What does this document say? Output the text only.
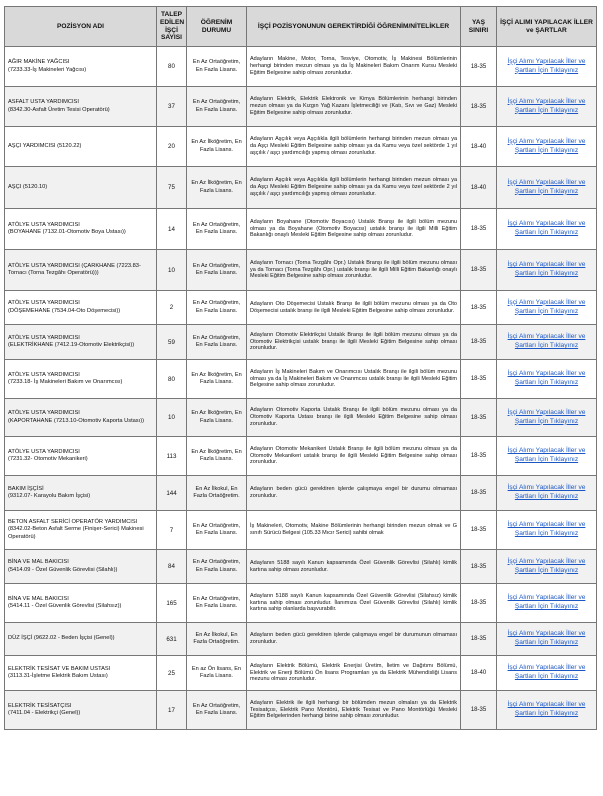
POZİSYON ADI	TALEP EDİLEN İŞÇİ SAYISI	ÖĞRENİM DURUMU	İŞÇİ POZİSYONUNUN GEREKTİRDİĞİ ÖĞRENİM/NİTELİKLER	YAŞ SINIRI	İŞÇİ ALIMI YAPILACAK İLLER ve ŞARTLAR

AĞIR MAKİNE YAĞCISI
(7233.33-İş Makineleri Yağcısı)	80	En Az Ortaöğretim, En Fazla Lisans.	Adayların Makine, Motor, Torna, Tesviye, Otomotiv, İş Makinesi Bölümlerinin herhangi birinden mezun olması ya da İş Makineleri Bakım Onarım Kursu Mesleki Eğitim Belgesine sahip olması zorunludur.	18-35	İşçi Alımı Yapılacak İller ve Şartları İçin Tıklayınız

ASFALT USTA YARDIMCISI
(8342.30-Asfalt Üretim Tesisi Operatörü)	37	En Az Ortaöğretim, En Fazla Lisans.	Adayların Elektrik, Elektrik Elektronik ve Kimya Bölümlerinin herhangi birinden mezun olması ya da Kızgın Yağ Kazanı İşletmeciliği ve (Katı, Sıvı ve Gaz) Mesleki Eğitim Belgesine sahip olması zorunludur.	18-35	İşçi Alımı Yapılacak İller ve Şartları İçin Tıklayınız

AŞÇI YARDIMCISI (5120.22)	20	En Az İlköğretim, En Fazla Lisans.	Adayların Aşçılık veya Aşçılıkla ilgili bölümlerin herhangi birinden mezun olması ya da Aşçı Mesleki Eğitim Belgesine sahip olması ya da Kamu veya özel sektörde 1 yıl aşçılık / aşçı yardımcılığı yapmış olması zorunludur.	18-40	İşçi Alımı Yapılacak İller ve Şartları İçin Tıklayınız

AŞÇI (5120.10)	75	En Az İlköğretim, En Fazla Lisans.	Adayların Aşçılık veya Aşçılıkla ilgili bölümlerin herhangi birinden mezun olması ya da Aşçı Mesleki Eğitim Belgesine sahip olması ya da Kamu veya özel sektörde 2 yıl aşçılık / aşçı yardımcılığı yapmış olması zorunludur.	18-40	İşçi Alımı Yapılacak İller ve Şartları İçin Tıklayınız

ATÖLYE USTA YARDIMCISI
(BOYAHANE (7132.01-Otomotiv Boya Ustası))	14	En Az Ortaöğretim, En Fazla Lisans.	Adayların Boyahane (Otomotiv Boyacısı) Ustalık Branşı ile ilgili bölüm mezunu olması ya da Boyahane (Otomotiv Boyacısı) ustalık branşı ile ilgili Milli Eğitim Bakanlığı onaylı Mesleki Eğitim Belgesine sahip olması zorunludur.	18-35	İşçi Alımı Yapılacak İller ve Şartları İçin Tıklayınız

ATÖLYE USTA YARDIMCISI (ÇARKHANE (7223.83-Tornacı (Torna Tezgâhı Operatörü)))	10	En Az Ortaöğretim, En Fazla Lisans.	Adayların Tornacı (Torna Tezgâhı Opr.) Ustalık Branşı ile ilgili bölüm mezunu olması ya da Tornacı (Torna Tezgâhı Opr.) ustalık branşı ile ilgili Milli Eğitim Bakanlığı onaylı Mesleki Eğitim Belgesine sahip olması zorunludur.	18-35	İşçi Alımı Yapılacak İller ve Şartları İçin Tıklayınız

ATÖLYE USTA YARDIMCISI
(DÖŞEMEHANE (7534.04-Oto Döşemecisi))	2	En Az Ortaöğretim, En Fazla Lisans.	Adayların Oto Döşemecisi Ustalık Branşı ile ilgili bölüm mezunu olması ya da Oto Döşemecisi ustalık branşı ile ilgili Mesleki Eğitim Belgesine sahip olması zorunludur.	18-35	İşçi Alımı Yapılacak İller ve Şartları İçin Tıklayınız

ATÖLYE USTA YARDIMCISI
(ELEKTRİKHANE (7412.19-Otomotiv Elektrikçisi))	59	En Az Ortaöğretim, En Fazla Lisans.	Adayların Otomotiv Elektrikçisi Ustalık Branşı ile ilgili bölüm mezunu olması ya da Otomotiv Elektrikçisi ustalık branşı ile ilgili Mesleki Eğitim Belgesine sahip olması zorunludur.	18-35	İşçi Alımı Yapılacak İller ve Şartları İçin Tıklayınız

ATÖLYE USTA YARDIMCISI
(7233.18- İş Makineleri Bakım ve Onarımcısı)	80	En Az İlköğretim, En Fazla Lisans.	Adayların İş Makineleri Bakım ve Onarımcısı Ustalık Branşı ile ilgili bölüm mezunu olması ya da İş Makineleri Bakım ve Onarımcısı ustalık branşı ile ilgili Mesleki Eğitim Belgesine sahip olması zorunludur.	18-35	İşçi Alımı Yapılacak İller ve Şartları İçin Tıklayınız

ATÖLYE USTA YARDIMCISI
(KAPORTAHANE (7213.10-Otomotiv Kaporta Ustası))	10	En Az İlköğretim, En Fazla Lisans.	Adayların Otomotiv Kaporta Ustalık Branşı ile ilgili bölüm mezunu olması ya da Otomotiv Kaporta Ustası branşı ile ilgili Mesleki Eğitim Belgesine sahip olması zorunludur.	18-35	İşçi Alımı Yapılacak İller ve Şartları İçin Tıklayınız

ATÖLYE USTA YARDIMCISI
(7231.32- Otomotiv Mekanikeri)	113	En Az İlköğretim, En Fazla Lisans.	Adayların Otomotiv Mekanikeri Ustalık Branşı ile ilgili bölüm mezunu olması ya da Otomotiv Mekanikeri ustalık branşı ile ilgili Mesleki Eğitim Belgesine sahip olması zorunludur.	18-35	İşçi Alımı Yapılacak İller ve Şartları İçin Tıklayınız

BAKIM İŞÇİSİ
(9312.07- Karayolu Bakım İşçisi)	144	En Az İlkokul, En Fazla Ortaöğretim.	Adayların beden gücü gerektiren işlerde çalışmaya engel bir durumu olmaması zorunludur.	18-35	İşçi Alımı Yapılacak İller ve Şartları İçin Tıklayınız

BETON ASFALT SERİCİ OPERATÖR YARDIMCISI
(8342.02-Beton Asfalt Serme (Finişer-Serici) Makinesi Operatörü)	7	En Az Ortaöğretim, En Fazla Lisans.	İş Makineleri, Otomotiv, Makine Bölümlerinin herhangi birinden mezun olmak ve G sınıfı Sürücü Belgesi (105.33 Mıcır Serici) sahibi olmak	18-35	İşçi Alımı Yapılacak İller ve Şartları İçin Tıklayınız

BİNA VE MAL BAKICISI
(5414.09 - Özel Güvenlik Görevlisi (Silahlı))	84	En Az Ortaöğretim, En Fazla Lisans.	Adaylanın 5188 sayılı Kanun kapsamında Özel Güvenlik Görevlisi (Silahlı) kimlik kartına sahip olması zorunludur.	18-35	İşçi Alımı Yapılacak İller ve Şartları İçin Tıklayınız

BİNA VE MAL BAKICISI
(5414.11 - Özel Güvenlik Görevlisi (Silahsız))	165	En Az Ortaöğretim, En Fazla Lisans.	Adayların 5188 sayılı Kanun kapsamında Özel Güvenlik Görevlisi (Silahsız) kimlik kartına sahip olması zorunludur. İlanımıza Özel Güvenlik Görevlisi (Silahlı) kimlik kartına sahip olanlarda başvurabilir.	18-35	İşçi Alımı Yapılacak İller ve Şartları İçin Tıklayınız

DÜZ İŞÇİ (9622.02 - Beden İşçisi (Genel))	631	En Az İlkokul, En Fazla Ortaöğretim.	Adayların beden gücü gerektiren işlerde çalışmaya engel bir durumunun olmaması zorunludur.	18-35	İşçi Alımı Yapılacak İller ve Şartları İçin Tıklayınız

ELEKTRİK TESİSAT VE BAKIM USTASI
(3113.31-İşletme Elektrik Bakım Ustası)	25	En az Ön lisans, En Fazla Lisans.	Adayların Elektrik Bölümü, Elektrik Enerjisi Üretim, İletim ve Dağıtımı Bölümü, Elektrik ve Enerji Bölümü Ön lisans Programları ya da Elektrik Mühendisliği Lisans mezunu olması zorunludur.	18-40	İşçi Alımı Yapılacak İller ve Şartları İçin Tıklayınız

ELEKTRİK TESİSATÇISI
(7411.04 - Elektrikçi (Genel))	17	En Az Ortaöğretim, En Fazla Lisans.	Adayların Elektrik ile ilgili herhangi bir bölümden mezun olmaları ya da Elektrik Tesisatçısı, Elektrik Pano Montörü, Elektrik Tesisat ve Pano Montörlüğü Mesleki Eğitim Belgelerinden herhangi birine sahip olması zorunludur.	18-35	İşçi Alımı Yapılacak İller ve Şartları İçin Tıklayınız
